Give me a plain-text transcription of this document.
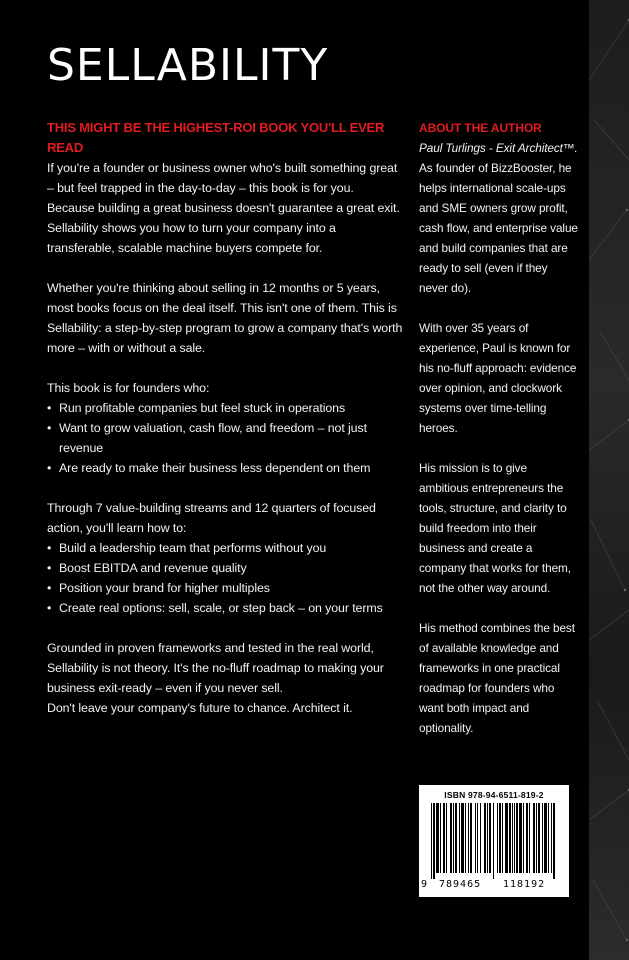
SELLABILITY
THIS MIGHT BE THE HIGHEST-ROI BOOK YOU'LL EVER READ

If you're a founder or business owner who's built something great – but feel trapped in the day-to-day – this book is for you. Because building a great business doesn't guarantee a great exit. Sellability shows you how to turn your company into a transferable, scalable machine buyers compete for.

Whether you're thinking about selling in 12 months or 5 years, most books focus on the deal itself. This isn't one of them. This is Sellability: a step-by-step program to grow a company that's worth more – with or without a sale.

This book is for founders who:
• Run profitable companies but feel stuck in operations
• Want to grow valuation, cash flow, and freedom – not just revenue
• Are ready to make their business less dependent on them
Through 7 value-building streams and 12 quarters of focused action, you'll learn how to:
• Build a leadership team that performs without you
• Boost EBITDA and revenue quality
• Position your brand for higher multiples
• Create real options: sell, scale, or step back – on your terms

Grounded in proven frameworks and tested in the real world, Sellability is not theory. It's the no-fluff roadmap to making your business exit-ready – even if you never sell.

Don't leave your company's future to chance. Architect it.

ABOUT THE AUTHOR
Paul Turlings - Exit Architect™.

As founder of BizzBooster, he helps international scale-ups and SME owners grow profit, cash flow, and enterprise value and build companies that are ready to sell (even if they never do).

With over 35 years of experience, Paul is known for his no-fluff approach: evidence over opinion, and clockwork systems over time-telling heroes.

His mission is to give ambitious entrepreneurs the tools, structure, and clarity to build freedom into their business and create a company that works for them, not the other way around.

His method combines the best of available knowledge and frameworks in one practical roadmap for founders who want both impact and optionality.

ISBN 978-94-6511-819-2
9 789465 118192
